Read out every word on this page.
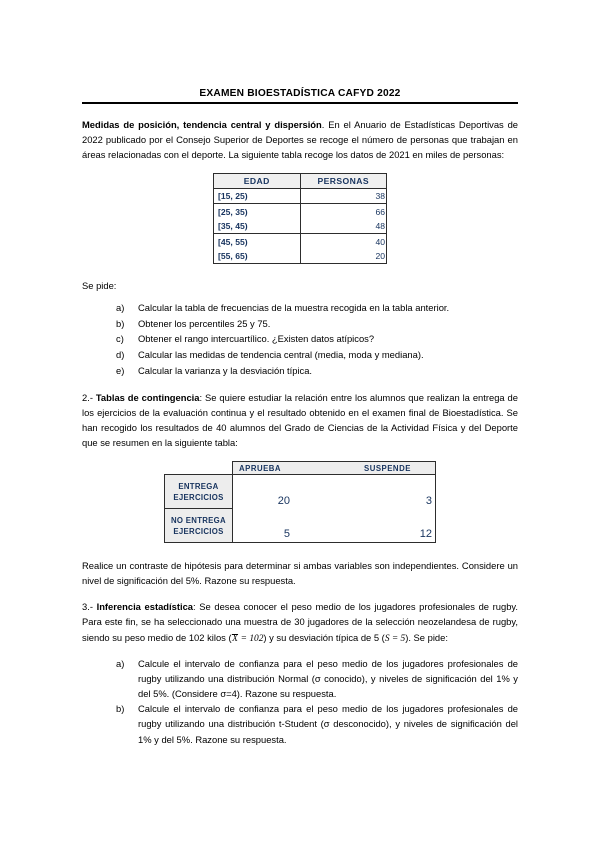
EXAMEN BIOESTADÍSTICA CAFYD 2022

Medidas de posición, tendencia central y dispersión. En el Anuario de Estadísticas Deportivas de 2022 publicado por el Consejo Superior de Deportes se recoge el número de personas que trabajan en áreas relacionadas con el deporte. La siguiente tabla recoge los datos de 2021 en miles de personas:

EDAD	PERSONAS
[15, 25)	38
[25, 35)	66
[35, 45)	48
[45, 55)	40
[55, 65)	20
Se pide:
a)	Calcular la tabla de frecuencias de la muestra recogida en la tabla anterior.
b)	Obtener los percentiles 25 y 75.
c)	Obtener el rango intercuartílico. ¿Existen datos atípicos?
d)	Calcular las medidas de tendencia central (media, moda y mediana).
e)	Calcular la varianza y la desviación típica.

2.- Tablas de contingencia: Se quiere estudiar la relación entre los alumnos que realizan la entrega de los ejercicios de la evaluación continua y el resultado obtenido en el examen final de Bioestadística. Se han recogido los resultados de 40 alumnos del Grado de Ciencias de la Actividad Física y del Deporte que se resumen en la siguiente tabla:

	APRUEBA	SUSPENDE
ENTREGA
EJERCICIOS	20	3
NO ENTREGA
EJERCICIOS	5	12

Realice un contraste de hipótesis para determinar si ambas variables son independientes. Considere un nivel de significación del 5%. Razone su respuesta.

3.- Inferencia estadística: Se desea conocer el peso medio de los jugadores profesionales de rugby. Para este fin, se ha seleccionado una muestra de 30 jugadores de la selección neozelandesa de rugby, siendo su peso medio de 102 kilos (X = 102) y su desviación típica de 5 (S = 5). Se pide:

a)	Calcule el intervalo de confianza para el peso medio de los jugadores profesionales de rugby utilizando una distribución Normal (σ conocido), y niveles de significación del 1% y del 5%. (Considere σ=4). Razone su respuesta.
b)	Calcule el intervalo de confianza para el peso medio de los jugadores profesionales de rugby utilizando una distribución t-Student (σ desconocido), y niveles de significación del 1% y del 5%. Razone su respuesta.
